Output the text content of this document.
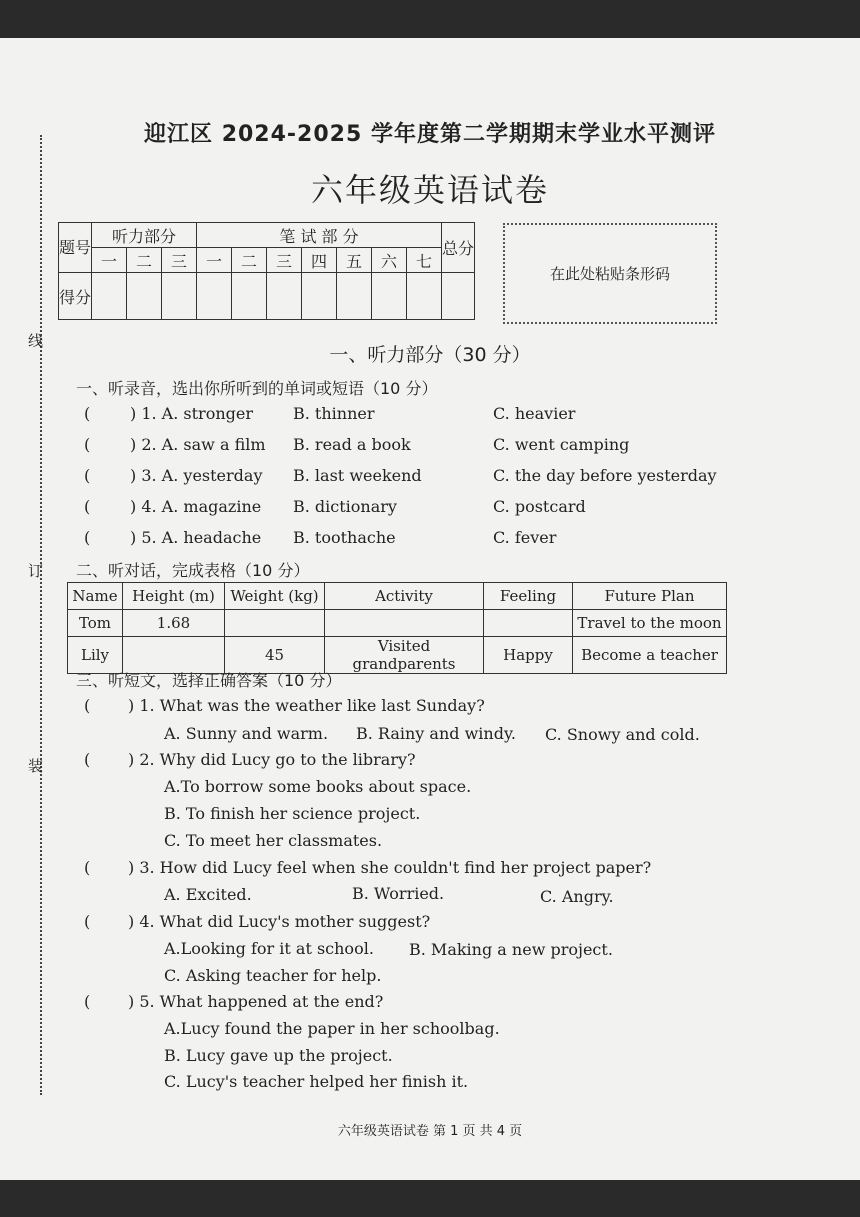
线
订
装
迎江区 2024-2025 学年度第二学期期末学业水平测评
六年级英语试卷
题号	听力部分			笔 试 部 分							总分
	一	二	三	一	二	三	四	五	六	七	
得分											
在此处粘贴条形码
一、听力部分（30 分）
一、听录音，选出你所听到的单词或短语（10 分）
( ) 1. A. stronger	B. thinner	C. heavier
( ) 2. A. saw a film B. read a book	C. went camping
( ) 3. A. yesterday B. last weekend	C. the day before yesterday
( ) 4. A. magazine B. dictionary	C. postcard
( ) 5. A. headache B. toothache	C. fever
二、听对话，完成表格（10 分）
Name	Height (m)	Weight (kg)	Activity	Feeling	Future Plan
Tom	1.68				Travel to the moon
Lily		45	Visited grandparents	Happy	Become a teacher
三、听短文，选择正确答案（10 分）
( ) 1. What was the weather like last Sunday?
A. Sunny and warm. B. Rainy and windy. C. Snowy and cold.
( ) 2. Why did Lucy go to the library?
A.To borrow some books about space.
B. To finish her science project.
C. To meet her classmates.
( ) 3. How did Lucy feel when she couldn't find her project paper?
A. Excited.	B. Worried.	C. Angry.
( ) 4. What did Lucy's mother suggest?
A.Looking for it at school. B. Making a new project.
C. Asking teacher for help.
( ) 5. What happened at the end?
A.Lucy found the paper in her schoolbag.
B. Lucy gave up the project.
C. Lucy's teacher helped her finish it.
六年级英语试卷 第 1 页 共 4 页
